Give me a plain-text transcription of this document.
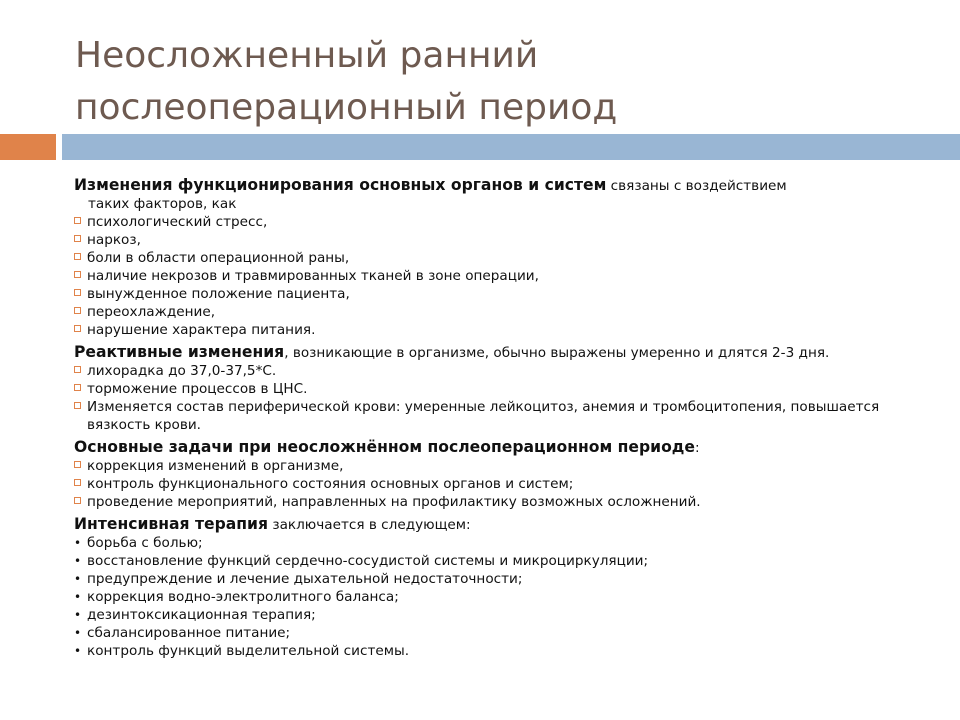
Неосложненный ранний
послеоперационный период
Изменения функционирования основных органов и систем связаны с воздействием
таких факторов, как
психологический стресс,
наркоз,
боли в области операционной раны,
наличие некрозов и травмированных тканей в зоне операции,
вынужденное положение пациента,
переохлаждение,
нарушение характера питания.
Реактивные изменения, возникающие в организме, обычно выражены умеренно и длятся 2-3 дня.
лихорадка до 37,0-37,5*С.
торможение процессов в ЦНС.
Изменяется состав периферической крови: умеренные лейкоцитоз, анемия и тромбоцитопения, повышается вязкость крови.
Основные задачи при неосложнённом послеоперационном периоде:
коррекция изменений в организме,
контроль функционального состояния основных органов и систем;
проведение мероприятий, направленных на профилактику возможных осложнений.
Интенсивная терапия заключается в следующем:
• борьба с болью;
• восстановление функций сердечно-сосудистой системы и микроциркуляции;
• предупреждение и лечение дыхательной недостаточности;
• коррекция водно-электролитного баланса;
• дезинтоксикационная терапия;
• сбалансированное питание;
• контроль функций выделительной системы.
